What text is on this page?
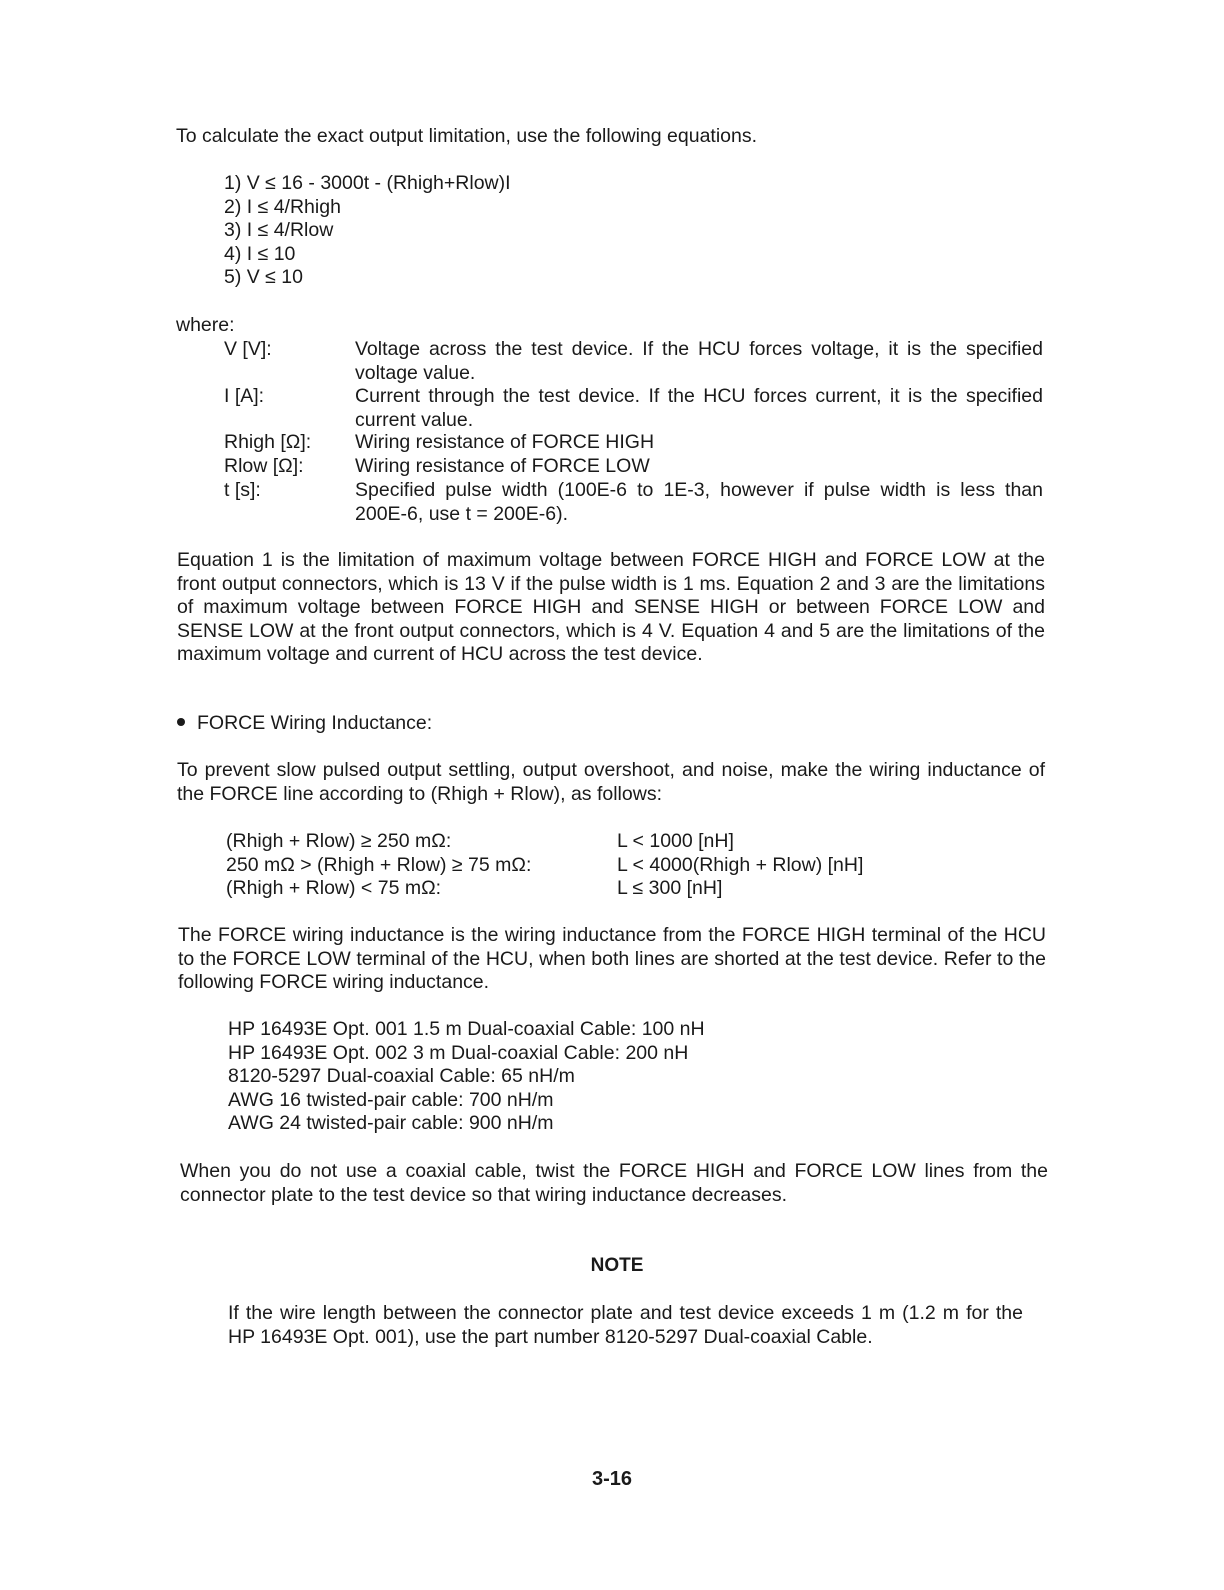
To calculate the exact output limitation, use the following equations.

1) V ≤ 16 - 3000t - (Rhigh+Rlow)I
2) I ≤ 4/Rhigh
3) I ≤ 4/Rlow
4) I ≤ 10
5) V ≤ 10

where:

V [V]:	Voltage across the test device. If the HCU forces voltage, it is the specified voltage value.
I [A]:	Current through the test device. If the HCU forces current, it is the specified current value.
Rhigh [Ω]: Wiring resistance of FORCE HIGH
Rlow [Ω]:	Wiring resistance of FORCE LOW
t [s]:	Specified pulse width (100E-6 to 1E-3, however if pulse width is less than 200E-6, use t = 200E-6).

Equation 1 is the limitation of maximum voltage between FORCE HIGH and FORCE LOW at the front output connectors, which is 13 V if the pulse width is 1 ms. Equation 2 and 3 are the limitations of maximum voltage between FORCE HIGH and SENSE HIGH or between FORCE LOW and SENSE LOW at the front output connectors, which is 4 V. Equation 4 and 5 are the limitations of the maximum voltage and current of HCU across the test device.

FORCE Wiring Inductance:

To prevent slow pulsed output settling, output overshoot, and noise, make the wiring inductance of the FORCE line according to (Rhigh + Rlow), as follows:

(Rhigh + Rlow) ≥ 250 mΩ:	L < 1000 [nH]
250 mΩ > (Rhigh + Rlow) ≥ 75 mΩ:	L < 4000(Rhigh + Rlow) [nH]
(Rhigh + Rlow) < 75 mΩ:	L ≤ 300 [nH]

The FORCE wiring inductance is the wiring inductance from the FORCE HIGH terminal of the HCU to the FORCE LOW terminal of the HCU, when both lines are shorted at the test device. Refer to the following FORCE wiring inductance.

HP 16493E Opt. 001 1.5 m Dual-coaxial Cable: 100 nH
HP 16493E Opt. 002 3 m Dual-coaxial Cable: 200 nH
8120-5297 Dual-coaxial Cable: 65 nH/m
AWG 16 twisted-pair cable: 700 nH/m
AWG 24 twisted-pair cable: 900 nH/m

When you do not use a coaxial cable, twist the FORCE HIGH and FORCE LOW lines from the connector plate to the test device so that wiring inductance decreases.

NOTE

If the wire length between the connector plate and test device exceeds 1 m (1.2 m for the HP 16493E Opt. 001), use the part number 8120-5297 Dual-coaxial Cable.

3-16
